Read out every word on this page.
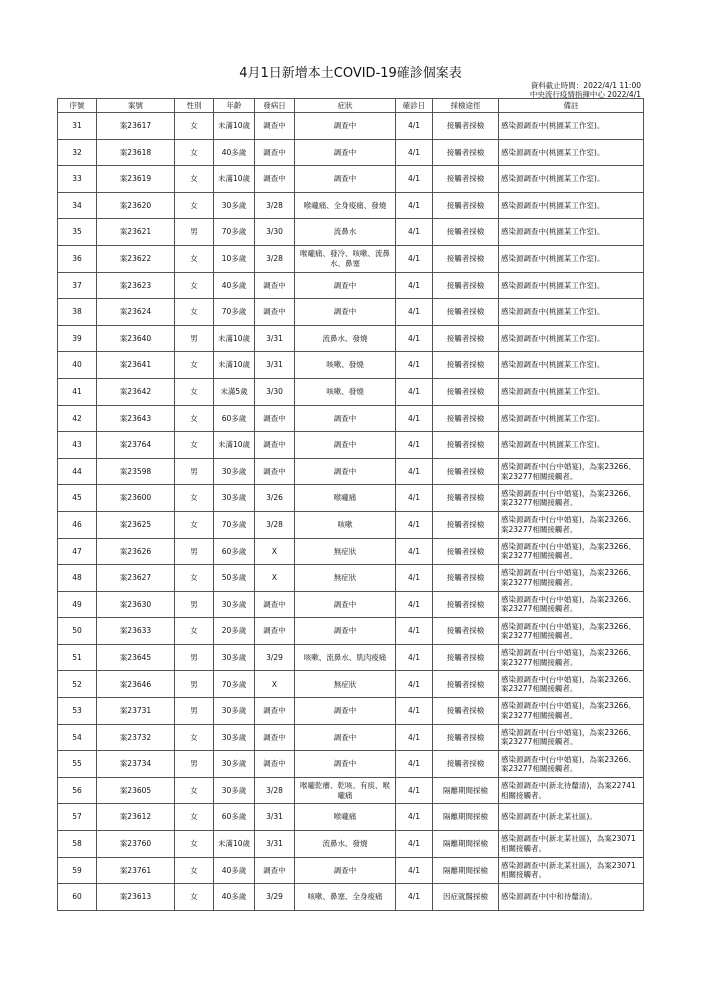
4月1日新增本土COVID-19確診個案表
資料截止時間：2022/4/1 11:00
中央流行疫情指揮中心 2022/4/1
序號	案號	性別	年齡	發病日	症狀	確診日	採檢途徑	備註
31	案23617	女	未滿10歲	調查中	調查中	4/1	接觸者採檢	感染源調查中(桃園某工作室)。
32	案23618	女	40多歲	調查中	調查中	4/1	接觸者採檢	感染源調查中(桃園某工作室)。
33	案23619	女	未滿10歲	調查中	調查中	4/1	接觸者採檢	感染源調查中(桃園某工作室)。
34	案23620	女	30多歲	3/28	喉嚨痛、全身痠痛、發燒	4/1	接觸者採檢	感染源調查中(桃園某工作室)。
35	案23621	男	70多歲	3/30	流鼻水	4/1	接觸者採檢	感染源調查中(桃園某工作室)。
36	案23622	女	10多歲	3/28	喉嚨痛、發冷、咳嗽、流鼻水、鼻塞	4/1	接觸者採檢	感染源調查中(桃園某工作室)。
37	案23623	女	40多歲	調查中	調查中	4/1	接觸者採檢	感染源調查中(桃園某工作室)。
38	案23624	女	70多歲	調查中	調查中	4/1	接觸者採檢	感染源調查中(桃園某工作室)。
39	案23640	男	未滿10歲	3/31	流鼻水、發燒	4/1	接觸者採檢	感染源調查中(桃園某工作室)。
40	案23641	女	未滿10歲	3/31	咳嗽、發燒	4/1	接觸者採檢	感染源調查中(桃園某工作室)。
41	案23642	女	未滿5歲	3/30	咳嗽、發燒	4/1	接觸者採檢	感染源調查中(桃園某工作室)。
42	案23643	女	60多歲	調查中	調查中	4/1	接觸者採檢	感染源調查中(桃園某工作室)。
43	案23764	女	未滿10歲	調查中	調查中	4/1	接觸者採檢	感染源調查中(桃園某工作室)。
44	案23598	男	30多歲	調查中	調查中	4/1	接觸者採檢	感染源調查中(台中婚宴)，為案23266、案23277相關接觸者。
45	案23600	女	30多歲	3/26	喉嚨痛	4/1	接觸者採檢	感染源調查中(台中婚宴)，為案23266、案23277相關接觸者。
46	案23625	女	70多歲	3/28	咳嗽	4/1	接觸者採檢	感染源調查中(台中婚宴)，為案23266、案23277相關接觸者。
47	案23626	男	60多歲	X	無症狀	4/1	接觸者採檢	感染源調查中(台中婚宴)，為案23266、案23277相關接觸者。
48	案23627	女	50多歲	X	無症狀	4/1	接觸者採檢	感染源調查中(台中婚宴)，為案23266、案23277相關接觸者。
49	案23630	男	30多歲	調查中	調查中	4/1	接觸者採檢	感染源調查中(台中婚宴)，為案23266、案23277相關接觸者。
50	案23633	女	20多歲	調查中	調查中	4/1	接觸者採檢	感染源調查中(台中婚宴)，為案23266、案23277相關接觸者。
51	案23645	男	30多歲	3/29	咳嗽、流鼻水、肌肉痠痛	4/1	接觸者採檢	感染源調查中(台中婚宴)，為案23266、案23277相關接觸者。
52	案23646	男	70多歲	X	無症狀	4/1	接觸者採檢	感染源調查中(台中婚宴)，為案23266、案23277相關接觸者。
53	案23731	男	30多歲	調查中	調查中	4/1	接觸者採檢	感染源調查中(台中婚宴)，為案23266、案23277相關接觸者。
54	案23732	女	30多歲	調查中	調查中	4/1	接觸者採檢	感染源調查中(台中婚宴)，為案23266、案23277相關接觸者。
55	案23734	男	30多歲	調查中	調查中	4/1	接觸者採檢	感染源調查中(台中婚宴)，為案23266、案23277相關接觸者。
56	案23605	女	30多歲	3/28	喉嚨乾癢、乾咳、有痰、喉嚨痛	4/1	隔離期間採檢	感染源調查中(新北待釐清)，為案22741相關接觸者。
57	案23612	女	60多歲	3/31	喉嚨痛	4/1	隔離期間採檢	感染源調查中(新北某社區)。
58	案23760	女	未滿10歲	3/31	流鼻水、發燒	4/1	隔離期間採檢	感染源調查中(新北某社區)，為案23071相關接觸者。
59	案23761	女	40多歲	調查中	調查中	4/1	隔離期間採檢	感染源調查中(新北某社區)，為案23071相關接觸者。
60	案23613	女	40多歲	3/29	咳嗽、鼻塞、全身痠痛	4/1	因症就醫採檢	感染源調查中(中和待釐清)。
